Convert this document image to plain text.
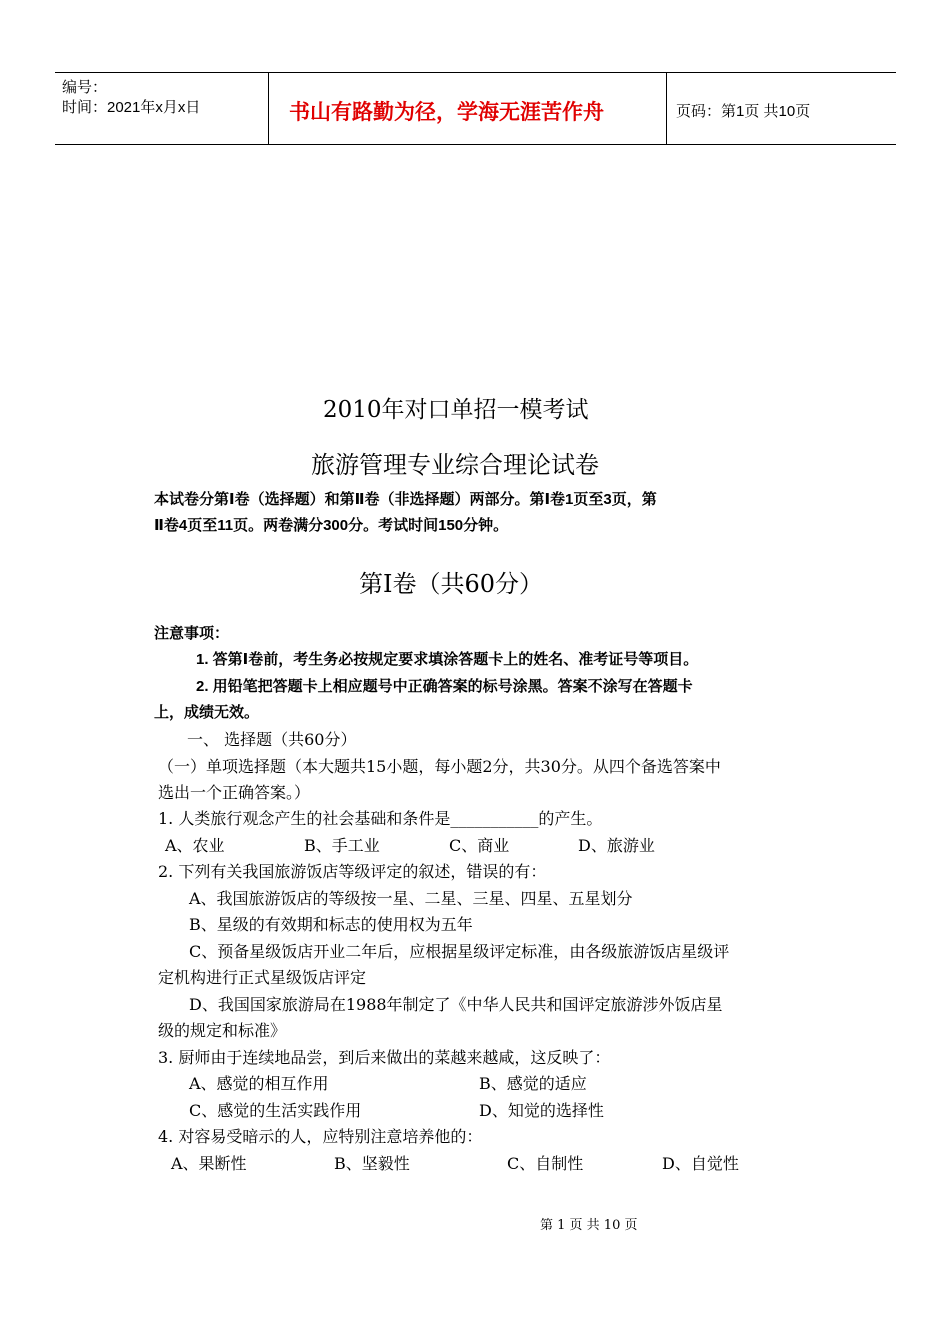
编号：
时间：2021年x月x日	书山有路勤为径，学海无涯苦作舟	页码：第1页 共10页
2010年对口单招一模考试
旅游管理专业综合理论试卷
本试卷分第Ⅰ卷（选择题）和第Ⅱ卷（非选择题）两部分。第Ⅰ卷1页至3页，第
Ⅱ卷4页至11页。两卷满分300分。考试时间150分钟。
第Ⅰ卷（共60分）
注意事项：
1. 答第Ⅰ卷前，考生务必按规定要求填涂答题卡上的姓名、准考证号等项目。
2. 用铅笔把答题卡上相应题号中正确答案的标号涂黑。答案不涂写在答题卡
上，成绩无效。
一、 选择题（共60分）
（一）单项选择题（本大题共15小题，每小题2分，共30分。从四个备选答案中
选出一个正确答案。）
1. 人类旅行观念产生的社会基础和条件是___________的产生。
A、农业	B、手工业	C、商业	D、旅游业
2. 下列有关我国旅游饭店等级评定的叙述，错误的有：
A、我国旅游饭店的等级按一星、二星、三星、四星、五星划分
B、星级的有效期和标志的使用权为五年
C、预备星级饭店开业二年后，应根据星级评定标准，由各级旅游饭店星级评
定机构进行正式星级饭店评定
D、我国国家旅游局在1988年制定了《中华人民共和国评定旅游涉外饭店星
级的规定和标准》
3. 厨师由于连续地品尝，到后来做出的菜越来越咸，这反映了：
A、感觉的相互作用	B、感觉的适应
C、感觉的生活实践作用	D、知觉的选择性
4. 对容易受暗示的人，应特别注意培养他的：
A、果断性	B、坚毅性	C、自制性	D、自觉性
第 1 页 共 10 页
